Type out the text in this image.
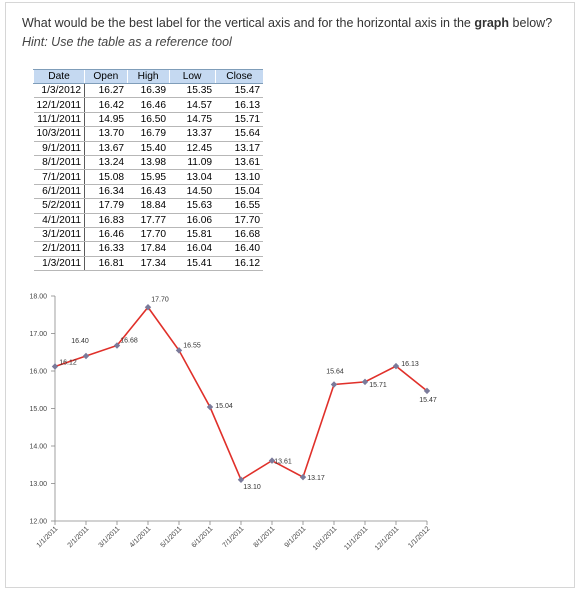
What would be the best label for the vertical axis and for the horizontal axis in the graph below?
Hint: Use the table as a reference tool
Date	Open	High	Low	Close
1/3/2012	16.27	16.39	15.35	15.47
12/1/2011	16.42	16.46	14.57	16.13
11/1/2011	14.95	16.50	14.75	15.71
10/3/2011	13.70	16.79	13.37	15.64
9/1/2011	13.67	15.40	12.45	13.17
8/1/2011	13.24	13.98	11.09	13.61
7/1/2011	15.08	15.95	13.04	13.10
6/1/2011	16.34	16.43	14.50	15.04
5/2/2011	17.79	18.84	15.63	16.55
4/1/2011	16.83	17.77	16.06	17.70
3/1/2011	16.46	17.70	15.81	16.68
2/1/2011	16.33	17.84	16.04	16.40
1/3/2011	16.81	17.34	15.41	16.12
12.00
13.00
14.00
15.00
16.00
17.00
18.00
1/1/2011 2/1/2011 3/1/2011 4/1/2011 5/1/2011 6/1/2011 7/1/2011 8/1/2011 9/1/2011 10/1/2011 11/1/2011 12/1/2011 1/1/2012
16.12
16.40	16.68
17.70
16.55
15.04
13.10
13.61
13.17
15.64
15.71
16.13
15.47
